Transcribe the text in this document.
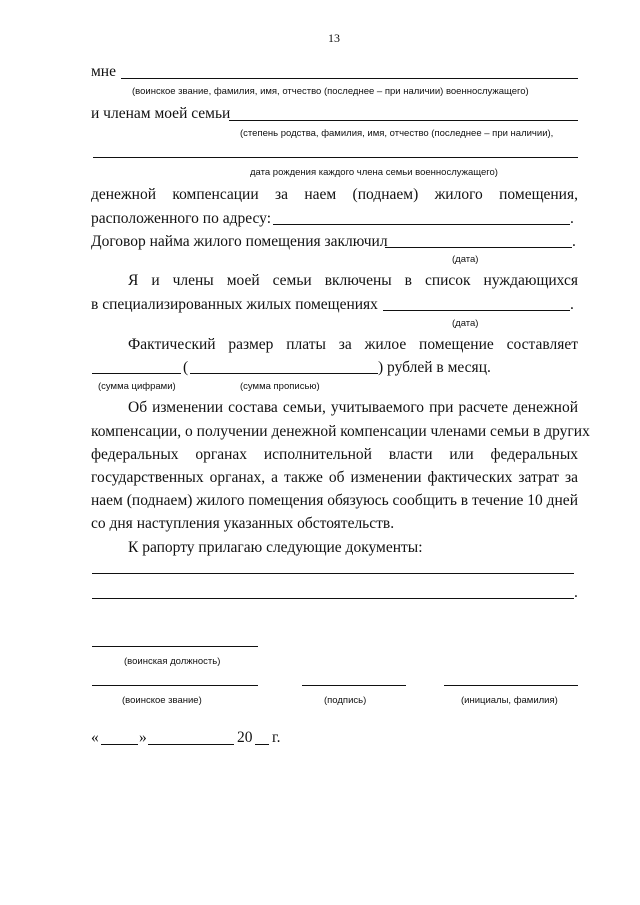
13
мне
(воинское звание, фамилия, имя, отчество (последнее – при наличии) военнослужащего)
и членам моей семьи
(степень родства, фамилия, имя, отчество (последнее – при наличии),
дата рождения каждого члена семьи военнослужащего)
денежной компенсации за наем (поднаем) жилого помещения,
расположенного по адресу:	.
Договор найма жилого помещения заключил	.
(дата)
Я и члены моей семьи включены в список нуждающихся
в специализированных жилых помещениях	.
(дата)
Фактический размер платы за жилое помещение составляет
(	) рублей в месяц.
(сумма цифрами)	(сумма прописью)
Об изменении состава семьи, учитываемого при расчете денежной
компенсации, о получении денежной компенсации членами семьи в других
федеральных органах исполнительной власти или федеральных
государственных органах, а также об изменении фактических затрат за
наем (поднаем) жилого помещения обязуюсь сообщить в течение 10 дней
со дня наступления указанных обстоятельств.
К рапорту прилагаю следующие документы:
.
(воинская должность)
(воинское звание)	(подпись)	(инициалы, фамилия)
«	»	20 г.
